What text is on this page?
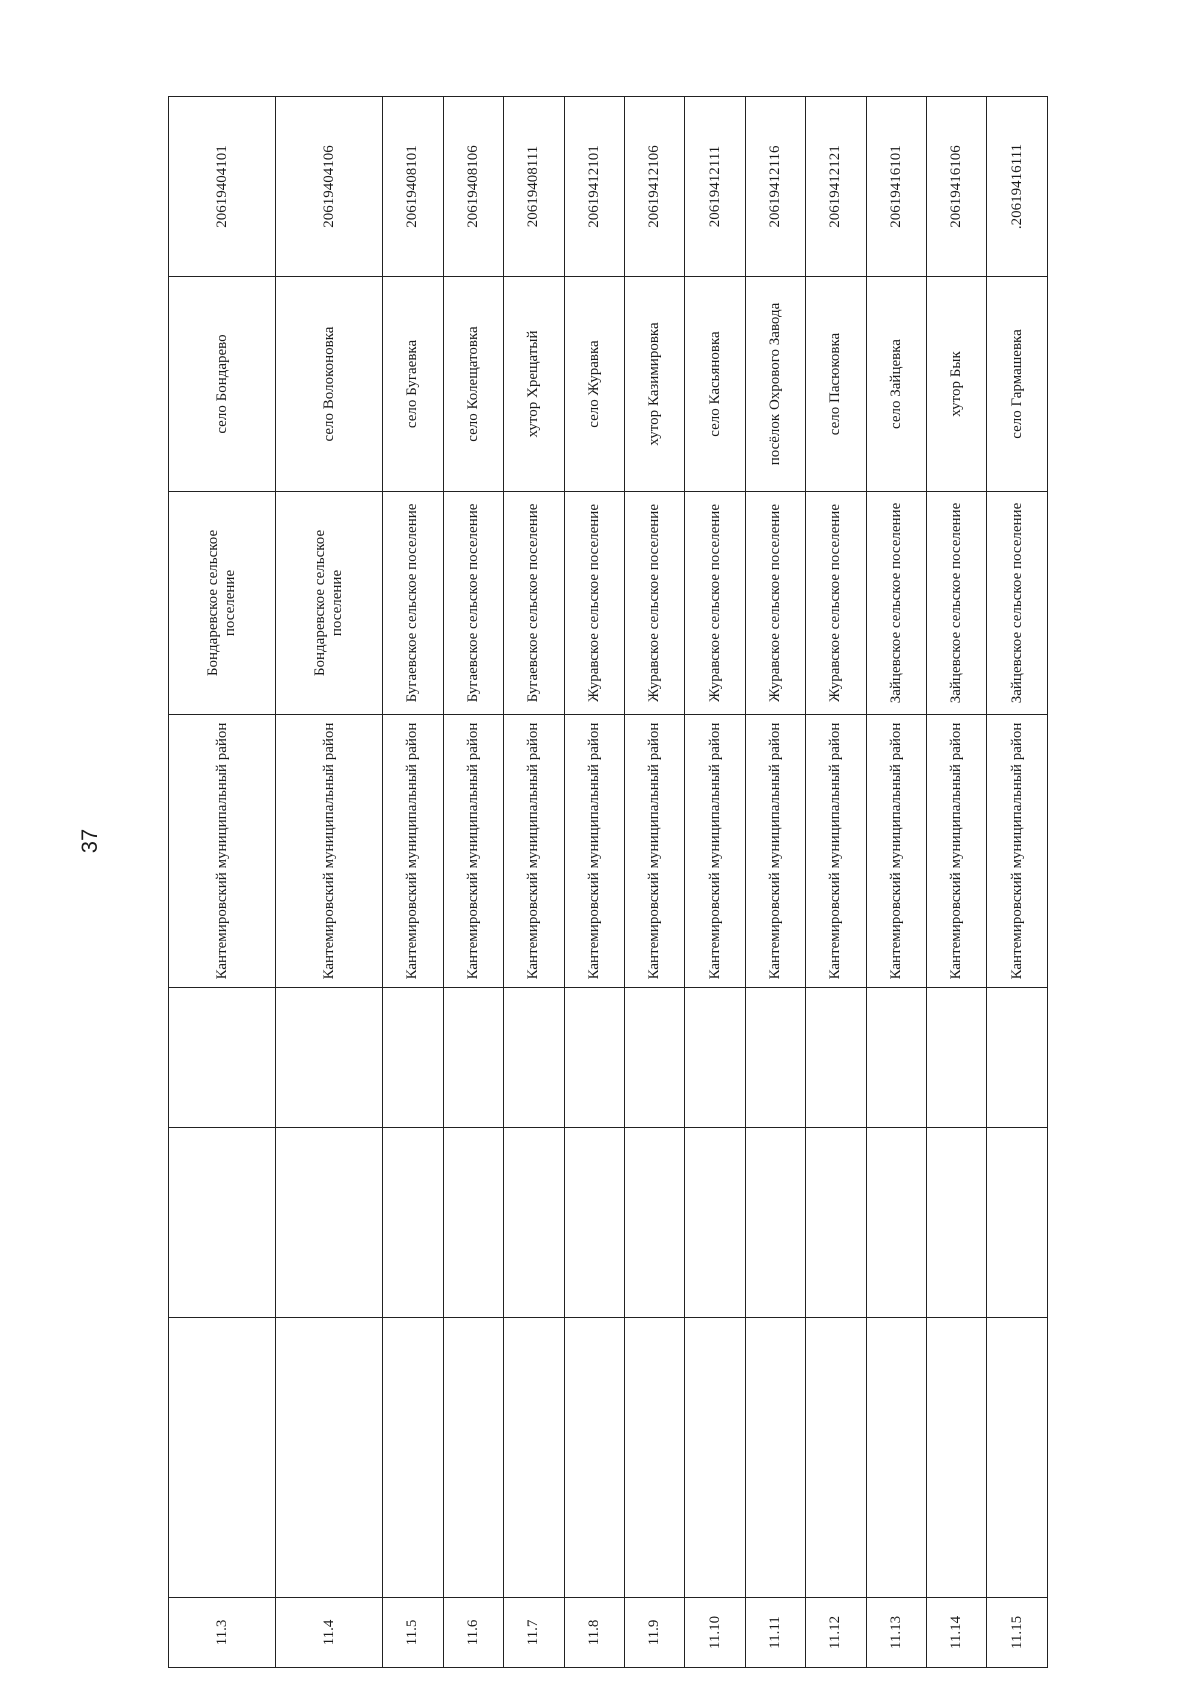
37
11.3				Кантемировский муниципальный район	Бондаревское сельское поселение	село Бондарево	20619404101
11.4				Кантемировский муниципальный район	Бондаревское сельское поселение	село Волоконовка	20619404106
11.5				Кантемировский муниципальный район	Бугаевское сельское поселение	село Бугаевка	20619408101
11.6				Кантемировский муниципальный район	Бугаевское сельское поселение	село Колещатовка	20619408106
11.7				Кантемировский муниципальный район	Бугаевское сельское поселение	хутор Хрещатый	20619408111
11.8				Кантемировский муниципальный район	Журавское сельское поселение	село Журавка	20619412101
11.9				Кантемировский муниципальный район	Журавское сельское поселение	хутор Казимировка	20619412106
11.10				Кантемировский муниципальный район	Журавское сельское поселение	село Касьяновка	20619412111
11.11				Кантемировский муниципальный район	Журавское сельское поселение	посёлок Охрового Завода	20619412116
11.12				Кантемировский муниципальный район	Журавское сельское поселение	село Пасюковка	20619412121
11.13				Кантемировский муниципальный район	Зайцевское сельское поселение	село Зайцевка	20619416101
11.14				Кантемировский муниципальный район	Зайцевское сельское поселение	хутор Бык	20619416106
11.15				Кантемировский муниципальный район	Зайцевское сельское поселение	село Гармашевка	.20619416111
